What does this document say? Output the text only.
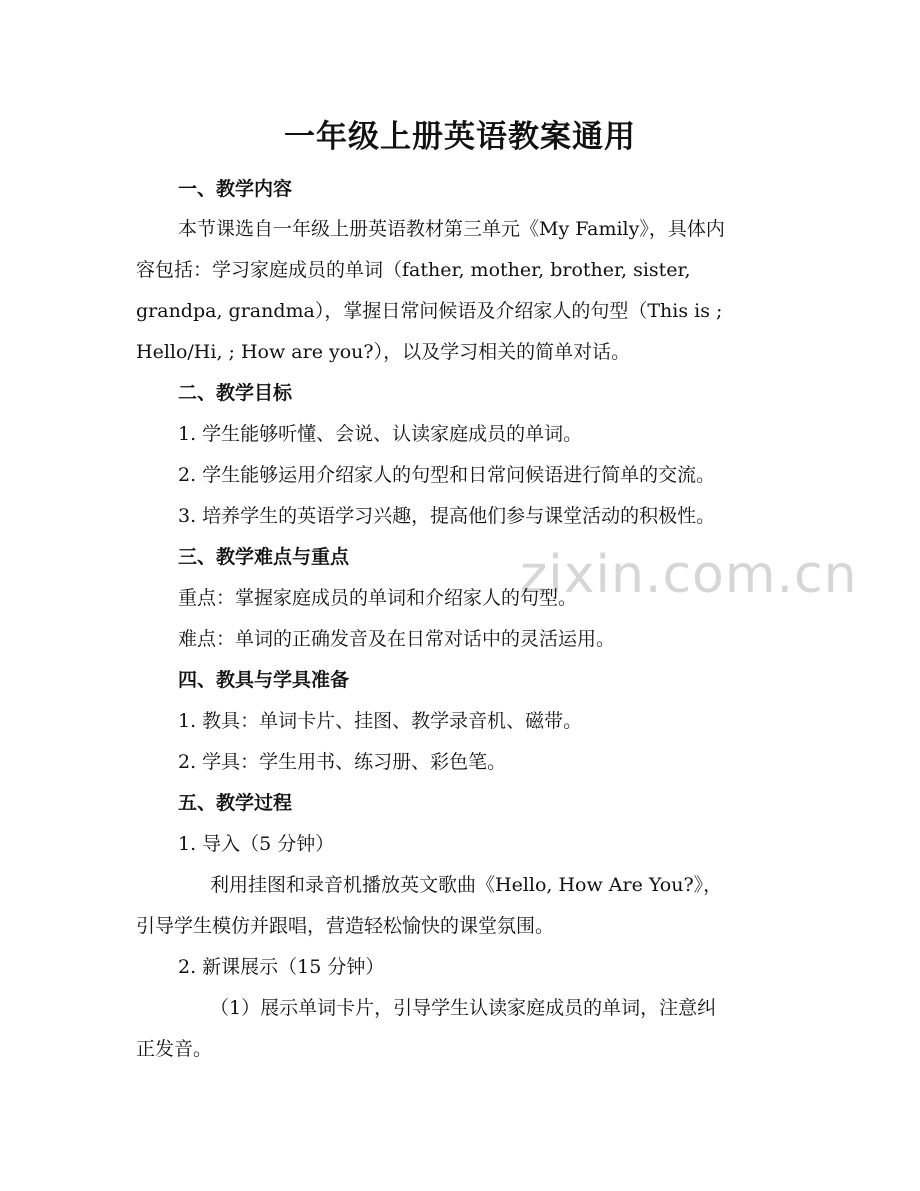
一年级上册英语教案通用
zixin.com.cn
一、教学内容
本节课选自一年级上册英语教材第三单元《My Family》，具体内
容包括：学习家庭成员的单词（father, mother, brother, sister,
grandpa, grandma），掌握日常问候语及介绍家人的句型（This is ;
Hello/Hi, ; How are you?），以及学习相关的简单对话。
二、教学目标
1. 学生能够听懂、会说、认读家庭成员的单词。
2. 学生能够运用介绍家人的句型和日常问候语进行简单的交流。
3. 培养学生的英语学习兴趣，提高他们参与课堂活动的积极性。
三、教学难点与重点
重点：掌握家庭成员的单词和介绍家人的句型。
难点：单词的正确发音及在日常对话中的灵活运用。
四、教具与学具准备
1. 教具：单词卡片、挂图、教学录音机、磁带。
2. 学具：学生用书、练习册、彩色笔。
五、教学过程
1. 导入（5 分钟）
利用挂图和录音机播放英文歌曲《Hello, How Are You?》，
引导学生模仿并跟唱，营造轻松愉快的课堂氛围。
2. 新课展示（15 分钟）
（1）展示单词卡片，引导学生认读家庭成员的单词，注意纠
正发音。
